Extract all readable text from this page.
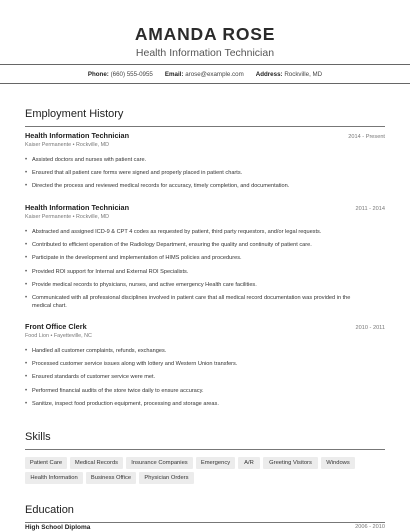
AMANDA ROSE
Health Information Technician
Phone: (660) 555-0955 Email: arose@example.com Address: Rockville, MD
Employment History
Health Information Technician	2014 - Present
Kaiser Permanente • Rockville, MD
• Assisted doctors and nurses with patient care.
• Ensured that all patient care forms were signed and properly placed in patient charts.
• Directed the process and reviewed medical records for accuracy, timely completion, and documentation.
Health Information Technician	2011 - 2014
Kaiser Permanente • Rockville, MD
• Abstracted and assigned ICD-9 & CPT 4 codes as requested by patient, third party requestors, and/or legal requests.
• Contributed to efficient operation of the Radiology Department, ensuring the quality and continuity of patient care.
• Participate in the development and implementation of HIMS policies and procedures.
• Provided ROI support for Internal and External ROI Specialists.
• Provide medical records to physicians, nurses, and active emergency Health care facilities.
• Communicated with all professional disciplines involved in patient care that all medical record documentation was provided in the
medical chart.
Front Office Clerk	2010 - 2011
Food Lion • Fayetteville, NC
• Handled all customer complaints, refunds, exchanges.
• Processed customer service issues along with lottery and Western Union transfers.
• Ensured standards of customer service were met.
• Performed financial audits of the store twice daily to ensure accuracy.
• Sanitize, inspect food production equipment, processing and storage areas.
Skills
Patient Care	Medical Records	Insurance Companies	Emergency	A/R	Greeting Visitors	Windows
Health Information	Business Office	Physician Orders
Education
High School Diploma	2006 - 2010
